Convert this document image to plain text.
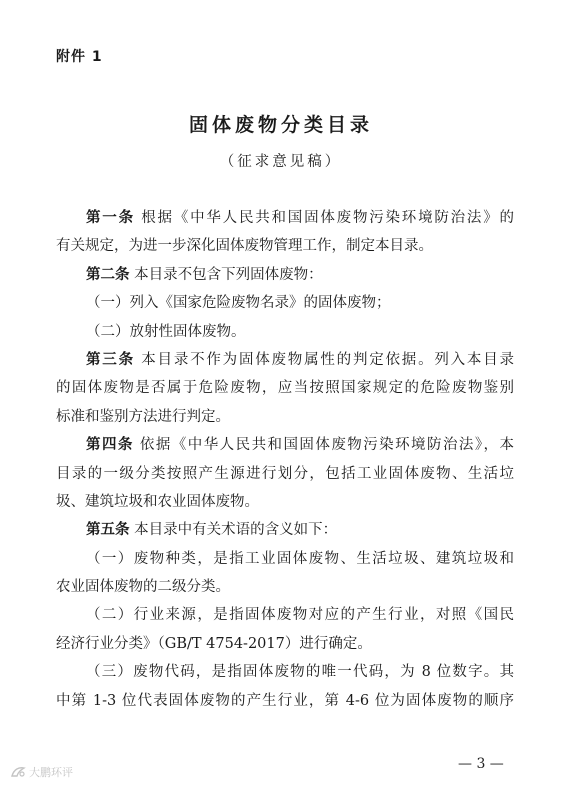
附件 1
固体废物分类目录
（征求意见稿）
第一条 根据《中华人民共和国固体废物污染环境防治法》的
有关规定，为进一步深化固体废物管理工作，制定本目录。
第二条 本目录不包含下列固体废物：
（一）列入《国家危险废物名录》的固体废物；
（二）放射性固体废物。
第三条 本目录不作为固体废物属性的判定依据。列入本目录
的固体废物是否属于危险废物，应当按照国家规定的危险废物鉴别
标准和鉴别方法进行判定。
第四条 依据《中华人民共和国固体废物污染环境防治法》，本
目录的一级分类按照产生源进行划分，包括工业固体废物、生活垃
圾、建筑垃圾和农业固体废物。
第五条 本目录中有关术语的含义如下：
（一）废物种类，是指工业固体废物、生活垃圾、建筑垃圾和
农业固体废物的二级分类。
（二）行业来源，是指固体废物对应的产生行业，对照《国民
经济行业分类》（GB/T 4754-2017）进行确定。
（三）废物代码，是指固体废物的唯一代码，为 8 位数字。其
中第 1-3 位代表固体废物的产生行业，第 4-6 位为固体废物的顺序
— 3 —
大鹏环评
